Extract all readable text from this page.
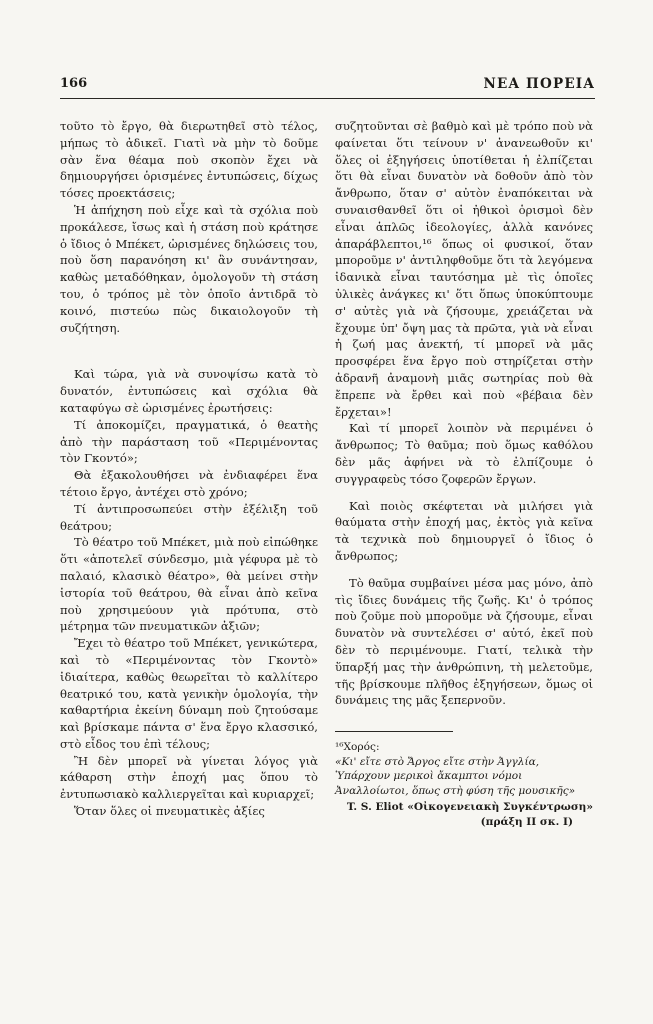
166	ΝΕΑ ΠΟΡΕΙΑ

τοῦτο τὸ ἔργο, θὰ διερωτηθεῖ στὸ τέλος, μήπως τὸ ἀδικεῖ. Γιατὶ νὰ μὴν τὸ δοῦμε σὰν ἕνα θέαμα ποὺ σκοπὸν ἔχει νὰ δημιουργήσει ὁρισμένες ἐντυπώσεις, δίχως τόσες προεκτάσεις;

Ἡ ἀπήχηση ποὺ εἶχε καὶ τὰ σχόλια ποὺ προκάλεσε, ἴσως καὶ ἡ στάση ποὺ κράτησε ὁ ἴδιος ὁ Μπέκετ, ὡρισμένες δηλώσεις του, ποὺ ὅση παρανόηση κι' ἂν συνάντησαν, καθὼς μεταδόθηκαν, ὁμολογοῦν τὴ στάση του, ὁ τρόπος μὲ τὸν ὁποῖο ἀντιδρᾶ τὸ κοινό, πιστεύω πὼς δικαιολογοῦν τὴ συζήτηση.

Καὶ τώρα, γιὰ νὰ συνοψίσω κατὰ τὸ δυνατόν, ἐντυπώσεις καὶ σχόλια θὰ καταφύγω σὲ ὡρισμένες ἐρωτήσεις:

Τί ἀποκομίζει, πραγματικά, ὁ θεατὴς ἀπὸ τὴν παράσταση τοῦ «Περιμένοντας τὸν Γκοντό»;

Θὰ ἐξακολουθήσει νὰ ἐνδιαφέρει ἕνα τέτοιο ἔργο, ἀντέχει στὸ χρόνο;

Τί ἀντιπροσωπεύει στὴν ἐξέλιξη τοῦ θεάτρου;

Τὸ θέατρο τοῦ Μπέκετ, μιὰ ποὺ εἰπώθηκε ὅτι «ἀποτελεῖ σύνδεσμο, μιὰ γέφυρα μὲ τὸ παλαιό, κλασικὸ θέατρο», θὰ μείνει στὴν ἱστορία τοῦ θεάτρου, θὰ εἶναι ἀπὸ κεῖνα ποὺ χρησιμεύουν γιὰ πρότυπα, στὸ μέτρημα τῶν πνευματικῶν ἀξιῶν;

Ἔχει τὸ θέατρο τοῦ Μπέκετ, γενικώτερα, καὶ τὸ «Περιμένοντας τὸν Γκοντὸ» ἰδιαίτερα, καθὼς θεωρεῖται τὸ καλλίτερο θεατρικό του, κατὰ γενικὴν ὁμολογία, τὴν καθαρτήρια ἐκείνη δύναμη ποὺ ζητούσαμε καὶ βρίσκαμε πάντα σ' ἕνα ἔργο κλασσικό, στὸ εἶδος του ἐπὶ τέλους;

Ἢ δὲν μπορεῖ νὰ γίνεται λόγος γιὰ κάθαρση στὴν ἐποχή μας ὅπου τὸ ἐντυπωσιακὸ καλλιεργεῖται καὶ κυριαρχεῖ;

Ὅταν ὅλες οἱ πνευματικὲς ἀξίες

συζητοῦνται σὲ βαθμὸ καὶ μὲ τρόπο ποὺ νὰ φαίνεται ὅτι τείνουν ν' ἀνανεωθοῦν κι' ὅλες οἱ ἐξηγήσεις ὑποτίθεται ἡ ἐλπίζεται ὅτι θὰ εἶναι δυνατὸν νὰ δοθοῦν ἀπὸ τὸν ἄνθρωπο, ὅταν σ' αὐτὸν ἐναπόκειται νὰ συναισθανθεῖ ὅτι οἱ ἠθικοὶ ὁρισμοὶ δὲν εἶναι ἁπλῶς ἰδεολογίες, ἀλλὰ κανόνες ἀπαράβλεπτοι,¹⁶ ὅπως οἱ φυσικοί, ὅταν μποροῦμε ν' ἀντιληφθοῦμε ὅτι τὰ λεγόμενα ἰδανικὰ εἶναι ταυτόσημα μὲ τὶς ὁποῖες ὑλικὲς ἀνάγκες κι' ὅτι ὅπως ὑποκύπτουμε σ' αὐτὲς γιὰ νὰ ζήσουμε, χρειάζεται νὰ ἔχουμε ὑπ' ὄψη μας τὰ πρῶτα, γιὰ νὰ εἶναι ἡ ζωή μας ἀνεκτή, τί μπορεῖ νὰ μᾶς προσφέρει ἕνα ἔργο ποὺ στηρίζεται στὴν ἀδρανῆ ἀναμονὴ μιᾶς σωτηρίας ποὺ θὰ ἔπρεπε νὰ ἔρθει καὶ ποὺ «βέβαια δὲν ἔρχεται»!

Καὶ τί μπορεῖ λοιπὸν νὰ περιμένει ὁ ἄνθρωπος; Τὸ θαῦμα; ποὺ ὅμως καθόλου δὲν μᾶς ἀφήνει νὰ τὸ ἐλπίζουμε ὁ συγγραφεὺς τόσο ζοφερῶν ἔργων.

Καὶ ποιὸς σκέφτεται νὰ μιλήσει γιὰ θαύματα στὴν ἐποχή μας, ἐκτὸς γιὰ κεῖνα τὰ τεχνικὰ ποὺ δημιουργεῖ ὁ ἴδιος ὁ ἄνθρωπος;

Τὸ θαῦμα συμβαίνει μέσα μας μόνο, ἀπὸ τὶς ἴδιες δυνάμεις τῆς ζωῆς. Κι' ὁ τρόπος ποὺ ζοῦμε ποὺ μποροῦμε νὰ ζήσουμε, εἶναι δυνατὸν νὰ συντελέσει σ' αὐτό, ἐκεῖ ποὺ δὲν τὸ περιμένουμε. Γιατί, τελικὰ τὴν ὕπαρξή μας τὴν ἀνθρώπινη, τὴ μελετοῦμε, τῆς βρίσκουμε πλῆθος ἐξηγήσεων, ὅμως οἱ δυνάμεις της μᾶς ξεπερνοῦν.

¹⁶Χορός:

«Κι' εἴτε στὸ Ἄργος εἴτε στὴν Ἀγγλία,

Ὑπάρχουν μερικοὶ ἄκαμπτοι νόμοι

Ἀναλλοίωτοι, ὅπως στὴ φύση τῆς μουσικῆς»

T. S. Eliot «Οἰκογενειακὴ Συγκέντρωση»

(πράξη ΙΙ σκ. Ι)
